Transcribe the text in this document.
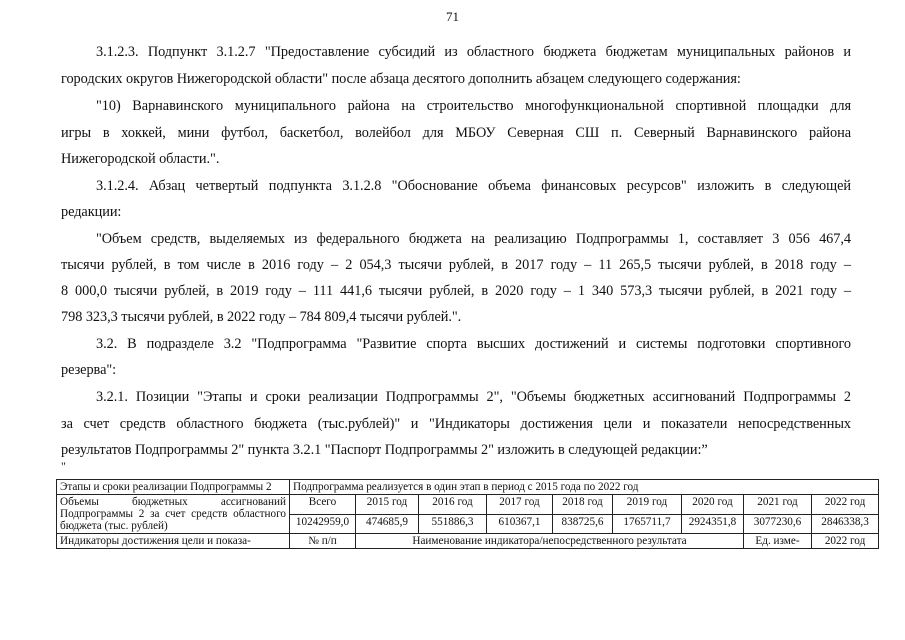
71
3.1.2.3. Подпункт 3.1.2.7 "Предоставление субсидий из областного бюджета бюджетам муниципальных районов и
городских округов Нижегородской области" после абзаца десятого дополнить абзацем следующего содержания:
"10) Варнавинского муниципального района на строительство многофункциональной спортивной площадки для
игры в хоккей, мини футбол, баскетбол, волейбол для МБОУ Северная СШ п. Северный Варнавинского района
Нижегородской области.".
3.1.2.4. Абзац четвертый подпункта 3.1.2.8 "Обоснование объема финансовых ресурсов" изложить в следующей
редакции:
"Объем средств, выделяемых из федерального бюджета на реализацию Подпрограммы 1, составляет 3 056 467,4
тысячи рублей, в том числе в 2016 году – 2 054,3 тысячи рублей, в 2017 году – 11 265,5 тысячи рублей, в 2018 году –
8 000,0 тысячи рублей, в 2019 году – 111 441,6 тысячи рублей, в 2020 году – 1 340 573,3 тысячи рублей, в 2021 году –
798 323,3 тысячи рублей, в 2022 году – 784 809,4 тысячи рублей.".
3.2. В подразделе 3.2 "Подпрограмма "Развитие спорта высших достижений и системы подготовки спортивного
резерва":
3.2.1. Позиции "Этапы и сроки реализации Подпрограммы 2", "Объемы бюджетных ассигнований Подпрограммы 2
за счет средств областного бюджета (тыс.рублей)" и "Индикаторы достижения цели и показатели непосредственных
результатов Подпрограммы 2" пункта 3.2.1 "Паспорт Подпрограммы 2" изложить в следующей редакции:”
"
Этапы и сроки реализации Подпрограммы 2	Подпрограмма реализуется в один этап в период с 2015 года по 2022 год								
Объемы бюджетных ассигнований Подпрограммы 2 за счет средств областного бюджета (тыс. рублей)	Всего	2015 год	2016 год	2017 год	2018 год	2019 год	2020 год	2021 год	2022 год
	10242959,0	474685,9	551886,3	610367,1	838725,6	1765711,7	2924351,8	3077230,6	2846338,3
Индикаторы достижения цели и показа-	№ п/п	Наименование индикатора/непосредственного результата						Ед. изме-	2022 год
